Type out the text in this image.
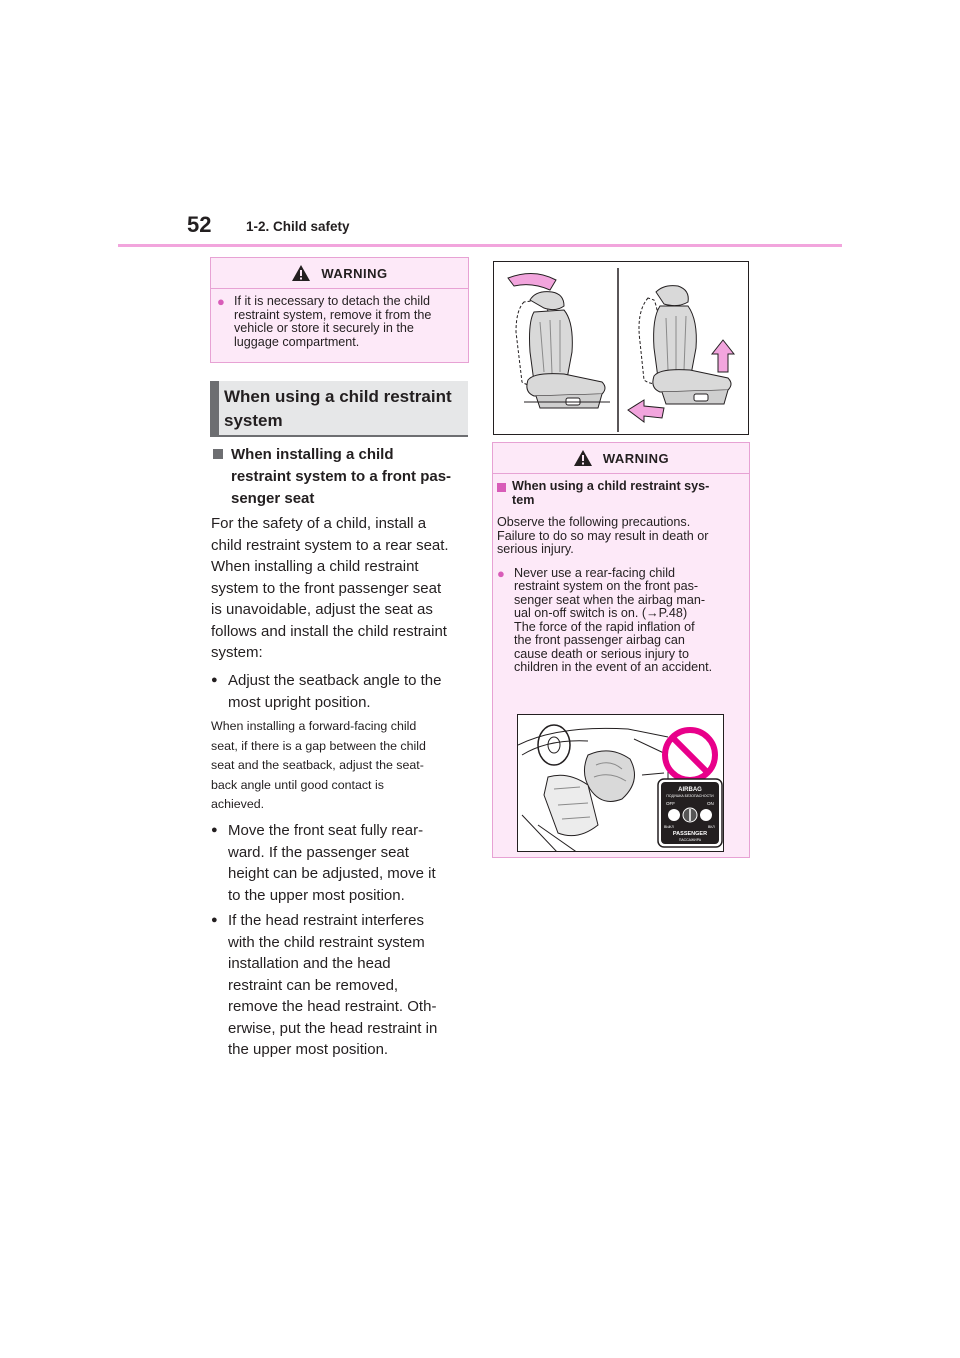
52	1-2. Child safety
WARNING
● If it is necessary to detach the child restraint system, remove it from the vehicle or store it securely in the luggage compartment.
When using a child restraint
system
When installing a child
restraint system to a front pas-
senger seat
For the safety of a child, install a
child restraint system to a rear seat.
When installing a child restraint
system to the front passenger seat
is unavoidable, adjust the seat as
follows and install the child restraint
system:
● Adjust the seatback angle to the
most upright position.
When installing a forward-facing child
seat, if there is a gap between the child
seat and the seatback, adjust the seat-
back angle until good contact is
achieved.
● Move the front seat fully rear-
ward. If the passenger seat
height can be adjusted, move it
to the upper most position.
● If the head restraint interferes
with the child restraint system
installation and the head
restraint can be removed,
remove the head restraint. Oth-
erwise, put the head restraint in
the upper most position.
WARNING
When using a child restraint sys-
tem
Observe the following precautions.
Failure to do so may result in death or
serious injury.
● Never use a rear-facing child
restraint system on the front pas-
senger seat when the airbag man-
ual on-off switch is on. (→P.48)
The force of the rapid inflation of
the front passenger airbag can
cause death or serious injury to
children in the event of an accident.
AIRBAG
ПОДУШКА БЕЗОПАСНОСТИ
OFF	ON
ВЫКЛ	ВКЛ
PASSENGER
ПАССАЖИРА
